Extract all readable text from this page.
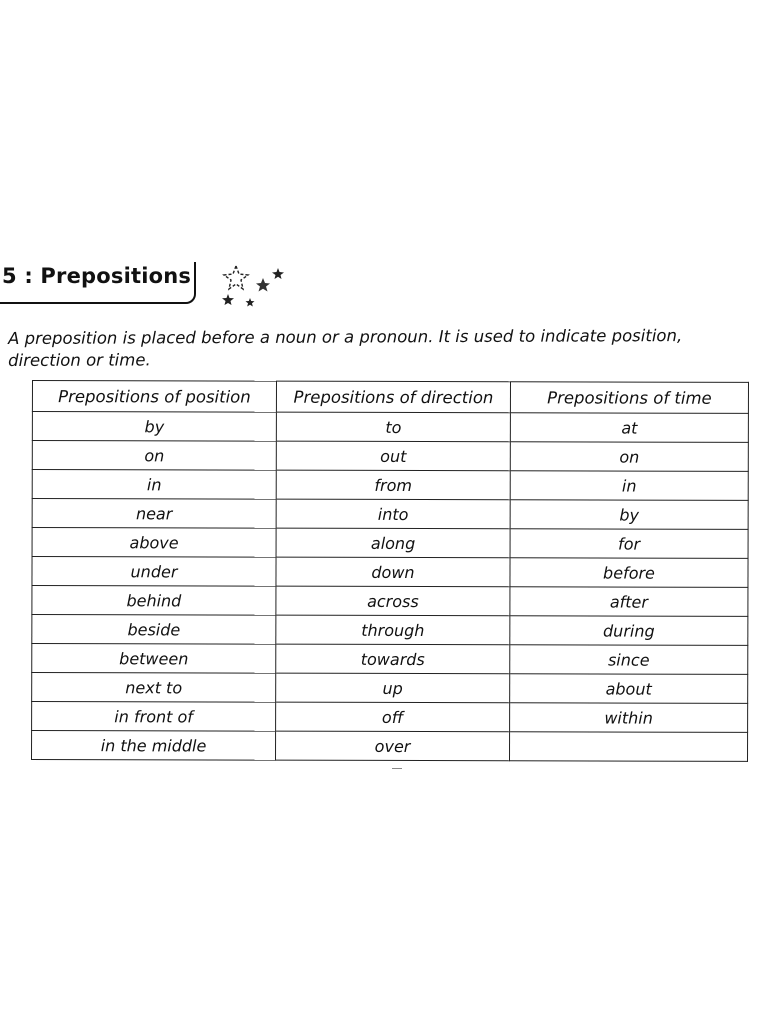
5 : Prepositions

A preposition is placed before a noun or a pronoun. It is used to indicate position, direction or time.

Prepositions of position	Prepositions of direction	Prepositions of time
by	to	at
on	out	on
in	from	in
near	into	by
above	along	for
under	down	before
behind	across	after
beside	through	during
between	towards	since
next to	up	about
in front of	off	within
in the middle	over	
